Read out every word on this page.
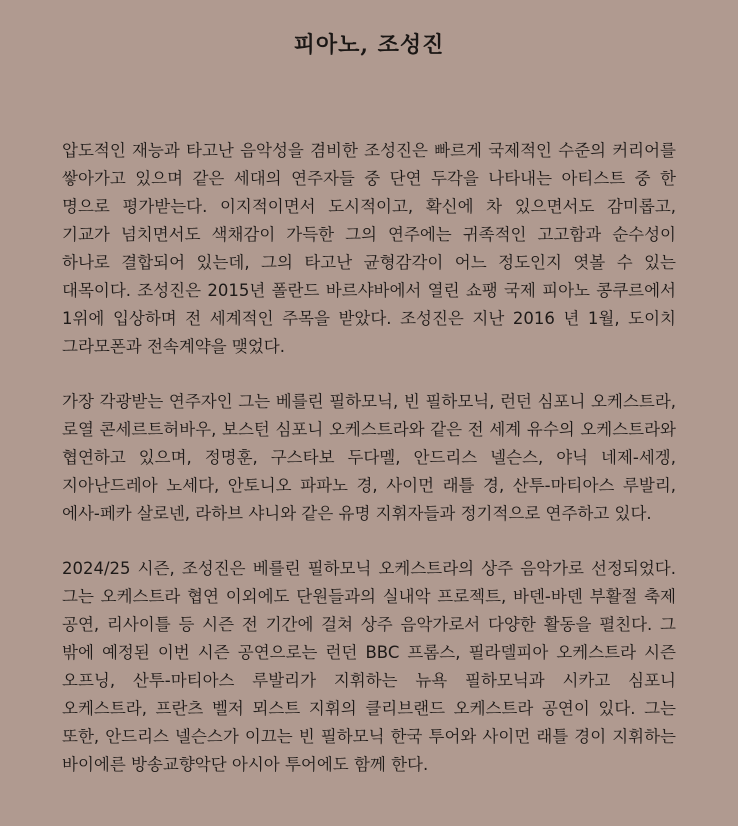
피아노, 조성진

압도적인 재능과 타고난 음악성을 겸비한 조성진은 빠르게 국제적인 수준의 커리어를 쌓아가고 있으며 같은 세대의 연주자들 중 단연 두각을 나타내는 아티스트 중 한 명으로 평가받는다. 이지적이면서 도시적이고, 확신에 차 있으면서도 감미롭고, 기교가 넘치면서도 색채감이 가득한 그의 연주에는 귀족적인 고고함과 순수성이 하나로 결합되어 있는데, 그의 타고난 균형감각이 어느 정도인지 엿볼 수 있는 대목이다. 조성진은 2015년 폴란드 바르샤바에서 열린 쇼팽 국제 피아노 콩쿠르에서 1위에 입상하며 전 세계적인 주목을 받았다. 조성진은 지난 2016 년 1월, 도이치 그라모폰과 전속계약을 맺었다.

가장 각광받는 연주자인 그는 베를린 필하모닉, 빈 필하모닉, 런던 심포니 오케스트라, 로열 콘세르트허바우, 보스턴 심포니 오케스트라와 같은 전 세계 유수의 오케스트라와 협연하고 있으며, 정명훈, 구스타보 두다멜, 안드리스 넬슨스, 야닉 네제-세겡, 지아난드레아 노세다, 안토니오 파파노 경, 사이먼 래틀 경, 산투-마티아스 루발리, 에사-페카 살로넨, 라하브 샤니와 같은 유명 지휘자들과 정기적으로 연주하고 있다.

2024/25 시즌, 조성진은 베를린 필하모닉 오케스트라의 상주 음악가로 선정되었다. 그는 오케스트라 협연 이외에도 단원들과의 실내악 프로젝트, 바덴-바덴 부활절 축제 공연, 리사이틀 등 시즌 전 기간에 걸쳐 상주 음악가로서 다양한 활동을 펼친다. 그 밖에 예정된 이번 시즌 공연으로는 런던 BBC 프롬스, 필라델피아 오케스트라 시즌 오프닝, 산투-마티아스 루발리가 지휘하는 뉴욕 필하모닉과 시카고 심포니 오케스트라, 프란츠 벨저 뫼스트 지휘의 클리브랜드 오케스트라 공연이 있다. 그는 또한, 안드리스 넬슨스가 이끄는 빈 필하모닉 한국 투어와 사이먼 래틀 경이 지휘하는 바이에른 방송교향악단 아시아 투어에도 함께 한다.
